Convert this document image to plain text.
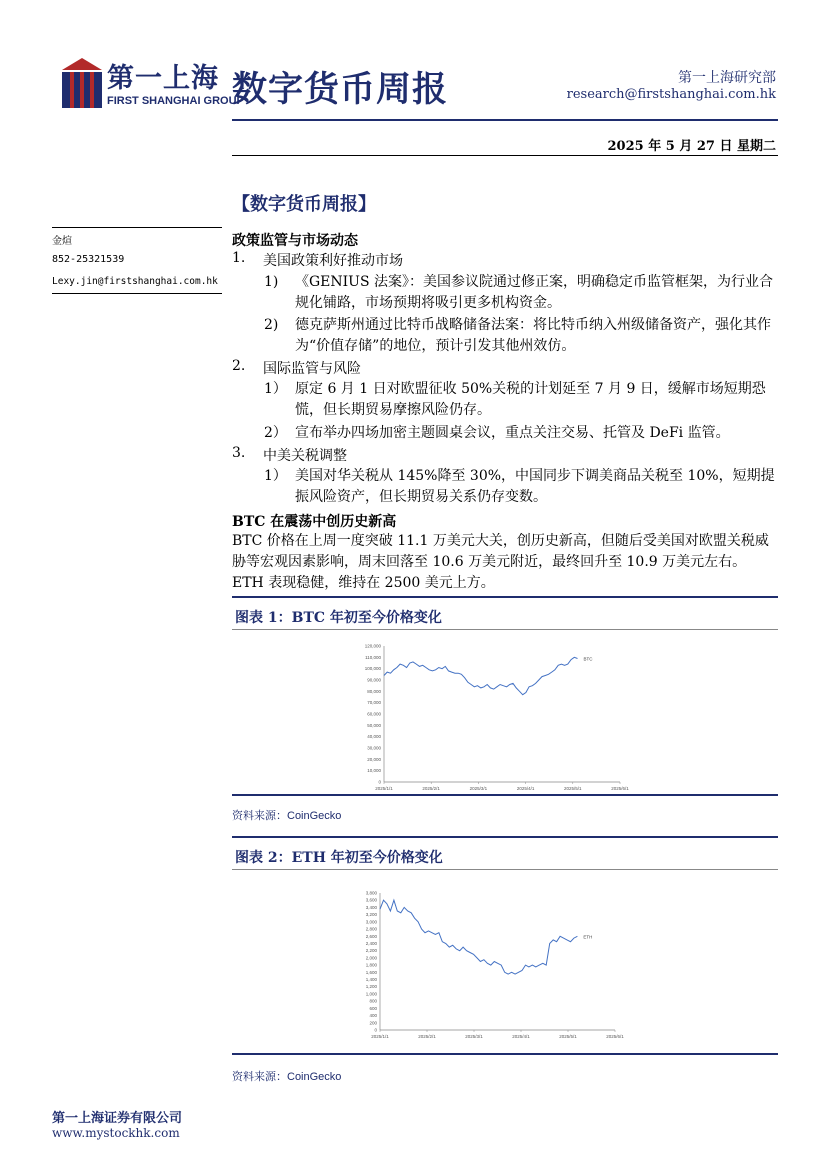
第一上海
FIRST SHANGHAI GROUP
数字货币周报	第一上海研究部
research@firstshanghai.com.hk
2025 年 5 月 27 日 星期二
【数字货币周报】
金煊
852-25321539
Lexy.jin@firstshanghai.com.hk
政策监管与市场动态
1. 美国政策利好推动市场
1) 《GENIUS 法案》：美国参议院通过修正案，明确稳定币监管框架，为行业合规化铺路，市场预期将吸引更多机构资金。
2) 德克萨斯州通过比特币战略储备法案：将比特币纳入州级储备资产，强化其作为“价值存储”的地位，预计引发其他州效仿。
2. 国际监管与风险
1） 原定 6 月 1 日对欧盟征收 50%关税的计划延至 7 月 9 日，缓解市场短期恐慌，但长期贸易摩擦风险仍存。
2） 宣布举办四场加密主题圆桌会议，重点关注交易、托管及 DeFi 监管。
3. 中美关税调整
1） 美国对华关税从 145%降至 30%，中国同步下调美商品关税至 10%，短期提振风险资产，但长期贸易关系仍存变数。
BTC 在震荡中创历史新高
BTC 价格在上周一度突破 11.1 万美元大关，创历史新高，但随后受美国对欧盟关税威胁等宏观因素影响，周末回落至 10.6 万美元附近，最终回升至 10.9 万美元左右。ETH 表现稳健，维持在 2500 美元上方。
图表 1：BTC 年初至今价格变化
0
10,000
20,000
30,000
40,000
50,000
60,000
70,000
80,000
90,000
100,000
110,000
120,000
2025/1/1	2025/2/1	2025/3/1	2025/4/1	2025/5/1	2025/6/1
BTC
资料来源：CoinGecko
图表 2：ETH 年初至今价格变化
0
200
400
600
800
1,000
1,200
1,400
1,600
1,800
2,000
2,200
2,400
2,600
2,800
3,000
3,200
3,400
3,600
3,800
2025/1/1	2025/2/1	2025/3/1	2025/4/1	2025/5/1	2025/6/1
ETH
资料来源：CoinGecko
第一上海证券有限公司
www.mystockhk.com
